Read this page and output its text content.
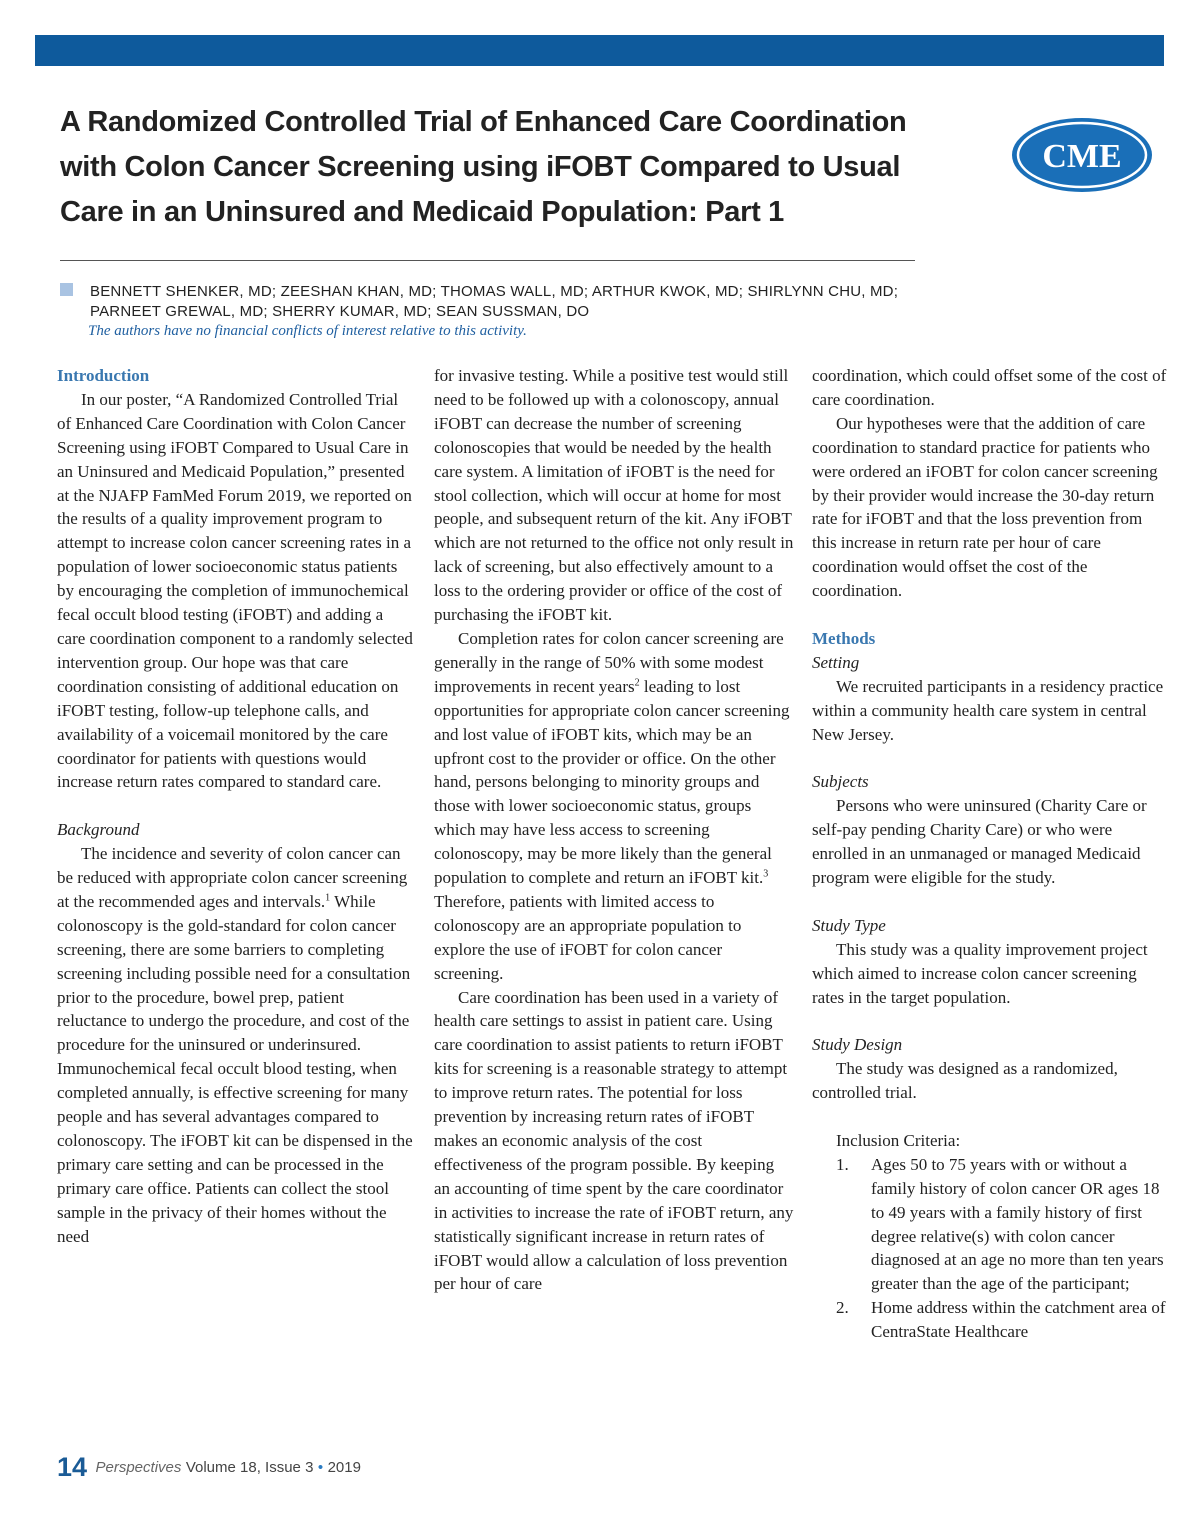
A Randomized Controlled Trial of Enhanced Care Coordination
with Colon Cancer Screening using iFOBT Compared to Usual
Care in an Uninsured and Medicaid Population: Part 1
CME

BENNETT SHENKER, MD; ZEESHAN KHAN, MD; THOMAS WALL, MD; ARTHUR KWOK, MD; SHIRLYNN CHU, MD;
PARNEET GREWAL, MD; SHERRY KUMAR, MD; SEAN SUSSMAN, DO

The authors have no financial conflicts of interest relative to this activity.

Introduction

In our poster, “A Randomized Controlled Trial of Enhanced Care Coordination with Colon Cancer Screening using iFOBT Compared to Usual Care in an Uninsured and Medicaid Population,” presented at the NJAFP FamMed Forum 2019, we reported on the results of a quality improvement program to attempt to increase colon cancer screening rates in a population of lower socioeconomic status patients by encouraging the completion of immunochemical fecal occult blood testing (iFOBT) and adding a care coordination component to a randomly selected intervention group. Our hope was that care coordination consisting of additional education on iFOBT testing, follow-up telephone calls, and availability of a voicemail monitored by the care coordinator for patients with questions would increase return rates compared to standard care.

Background

The incidence and severity of colon cancer can be reduced with appropriate colon cancer screening at the recommended ages and intervals.$^1$ While colonoscopy is the gold-standard for colon cancer screening, there are some barriers to completing screening including possible need for a consultation prior to the procedure, bowel prep, patient reluctance to undergo the procedure, and cost of the procedure for the uninsured or underinsured. Immunochemical fecal occult blood testing, when completed annually, is effective screening for many people and has several advantages compared to colonoscopy. The iFOBT kit can be dispensed in the primary care setting and can be processed in the primary care office. Patients can collect the stool sample in the privacy of their homes without the need

for invasive testing. While a positive test would still need to be followed up with a colonoscopy, annual iFOBT can decrease the number of screening colonoscopies that would be needed by the health care system. A limitation of iFOBT is the need for stool collection, which will occur at home for most people, and subsequent return of the kit. Any iFOBT which are not returned to the office not only result in lack of screening, but also effectively amount to a loss to the ordering provider or office of the cost of purchasing the iFOBT kit.

Completion rates for colon cancer screening are generally in the range of 50% with some modest improvements in recent years$^2$ leading to lost opportunities for appropriate colon cancer screening and lost value of iFOBT kits, which may be an upfront cost to the provider or office. On the other hand, persons belonging to minority groups and those with lower socioeconomic status, groups which may have less access to screening colonoscopy, may be more likely than the general population to complete and return an iFOBT kit.$^3$ Therefore, patients with limited access to colonoscopy are an appropriate population to explore the use of iFOBT for colon cancer screening.

Care coordination has been used in a variety of health care settings to assist in patient care. Using care coordination to assist patients to return iFOBT kits for screening is a reasonable strategy to attempt to improve return rates. The potential for loss prevention by increasing return rates of iFOBT makes an economic analysis of the cost effectiveness of the program possible. By keeping an accounting of time spent by the care coordinator in activities to increase the rate of iFOBT return, any statistically significant increase in return rates of iFOBT would allow a calculation of loss prevention per hour of care

coordination, which could offset some of the cost of care coordination.

Our hypotheses were that the addition of care coordination to standard practice for patients who were ordered an iFOBT for colon cancer screening by their provider would increase the 30-day return rate for iFOBT and that the loss prevention from this increase in return rate per hour of care coordination would offset the cost of the coordination.

Methods

Setting

We recruited participants in a residency practice within a community health care system in central New Jersey.

Subjects

Persons who were uninsured (Charity Care or self-pay pending Charity Care) or who were enrolled in an unmanaged or managed Medicaid program were eligible for the study.

Study Type

This study was a quality improvement project which aimed to increase colon cancer screening rates in the target population.

Study Design

The study was designed as a randomized, controlled trial.

Inclusion Criteria:

1.	Ages 50 to 75 years with or without a family history of colon cancer OR ages 18 to 49 years with a family history of first degree relative(s) with colon cancer diagnosed at an age no more than ten years greater than the age of the participant;
2.	Home address within the catchment area of CentraState Healthcare
14 Perspectives Volume 18, Issue 3 • 2019
